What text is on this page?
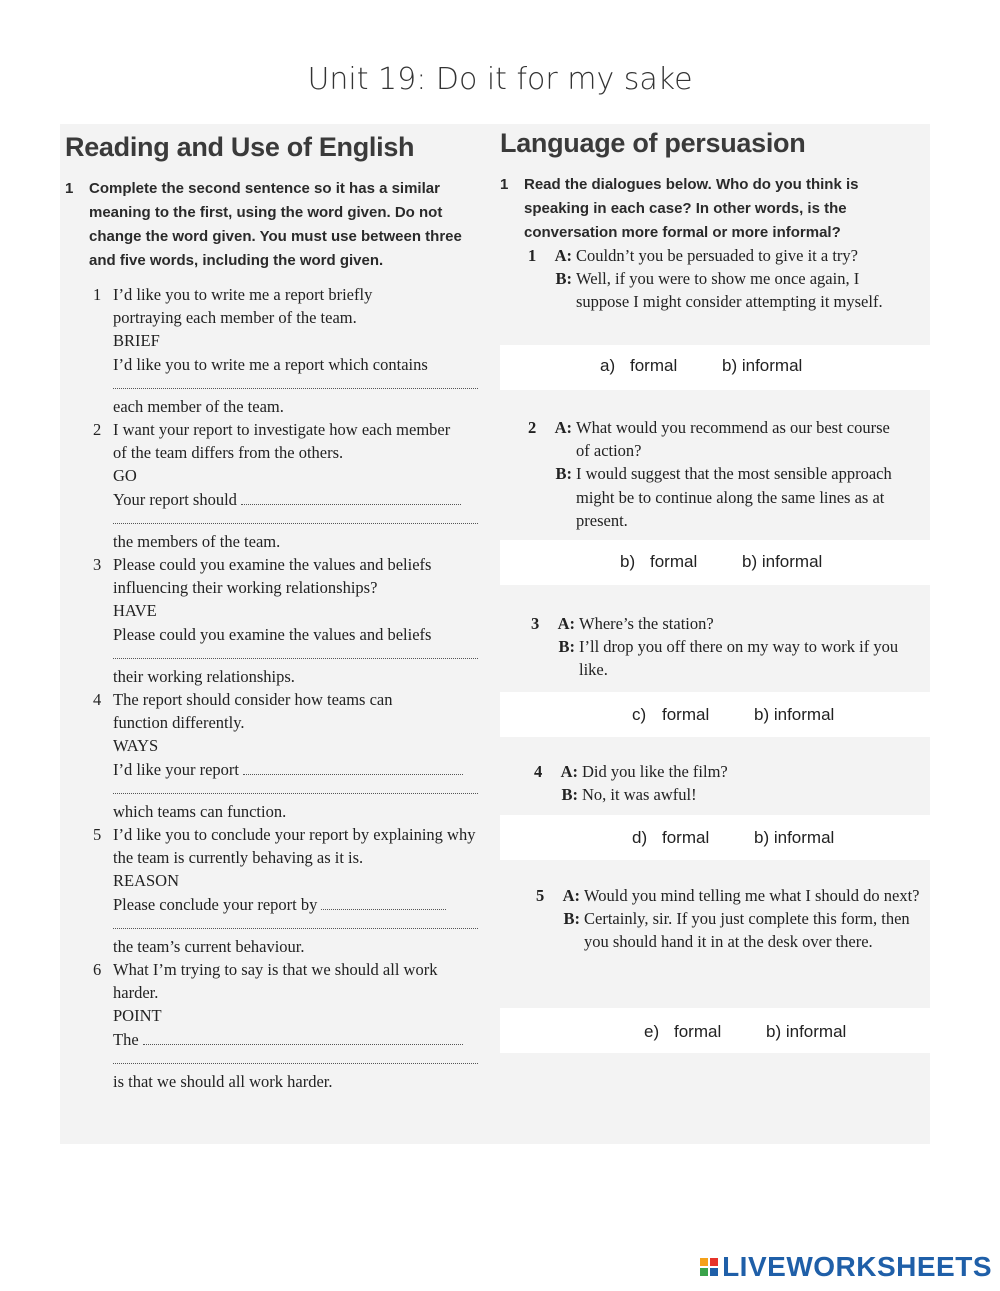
Unit 19: Do it for my sake
Reading and Use of English
1	Complete the second sentence so it has a similar meaning to the first, using the word given. Do not change the word given. You must use between three and five words, including the word given.
1 I’d like you to write me a report briefly portraying each member of the team.
BRIEF
I’d like you to write me a report which contains
each member of the team.
2 I want your report to investigate how each member of the team differs from the others.
GO
Your report should
the members of the team.
3 Please could you examine the values and beliefs influencing their working relationships?
HAVE
Please could you examine the values and beliefs
their working relationships.
4 The report should consider how teams can function differently.
WAYS
I’d like your report
which teams can function.
5 I’d like you to conclude your report by explaining why the team is currently behaving as it is.
REASON
Please conclude your report by
the team’s current behaviour.
6 What I’m trying to say is that we should all work harder.
POINT
The
is that we should all work harder.
Language of persuasion
1	Read the dialogues below. Who do you think is speaking in each case? In other words, is the conversation more formal or more informal?
1	A: Couldn’t you be persuaded to give it a try?
B: Well, if you were to show me once again, I suppose I might consider attempting it myself.
a) formal	b) informal
2	A: What would you recommend as our best course of action?
B: I would suggest that the most sensible approach might be to continue along the same lines as at present.
b) formal	b) informal
3	A: Where’s the station?
B: I’ll drop you off there on my way to work if you like.
c) formal	b) informal
4	A: Did you like the film?
B: No, it was awful!
d) formal	b) informal
5	A: Would you mind telling me what I should do next?
B: Certainly, sir. If you just complete this form, then you should hand it in at the desk over there.
e) formal	b) informal
LIVEWORKSHEETS
